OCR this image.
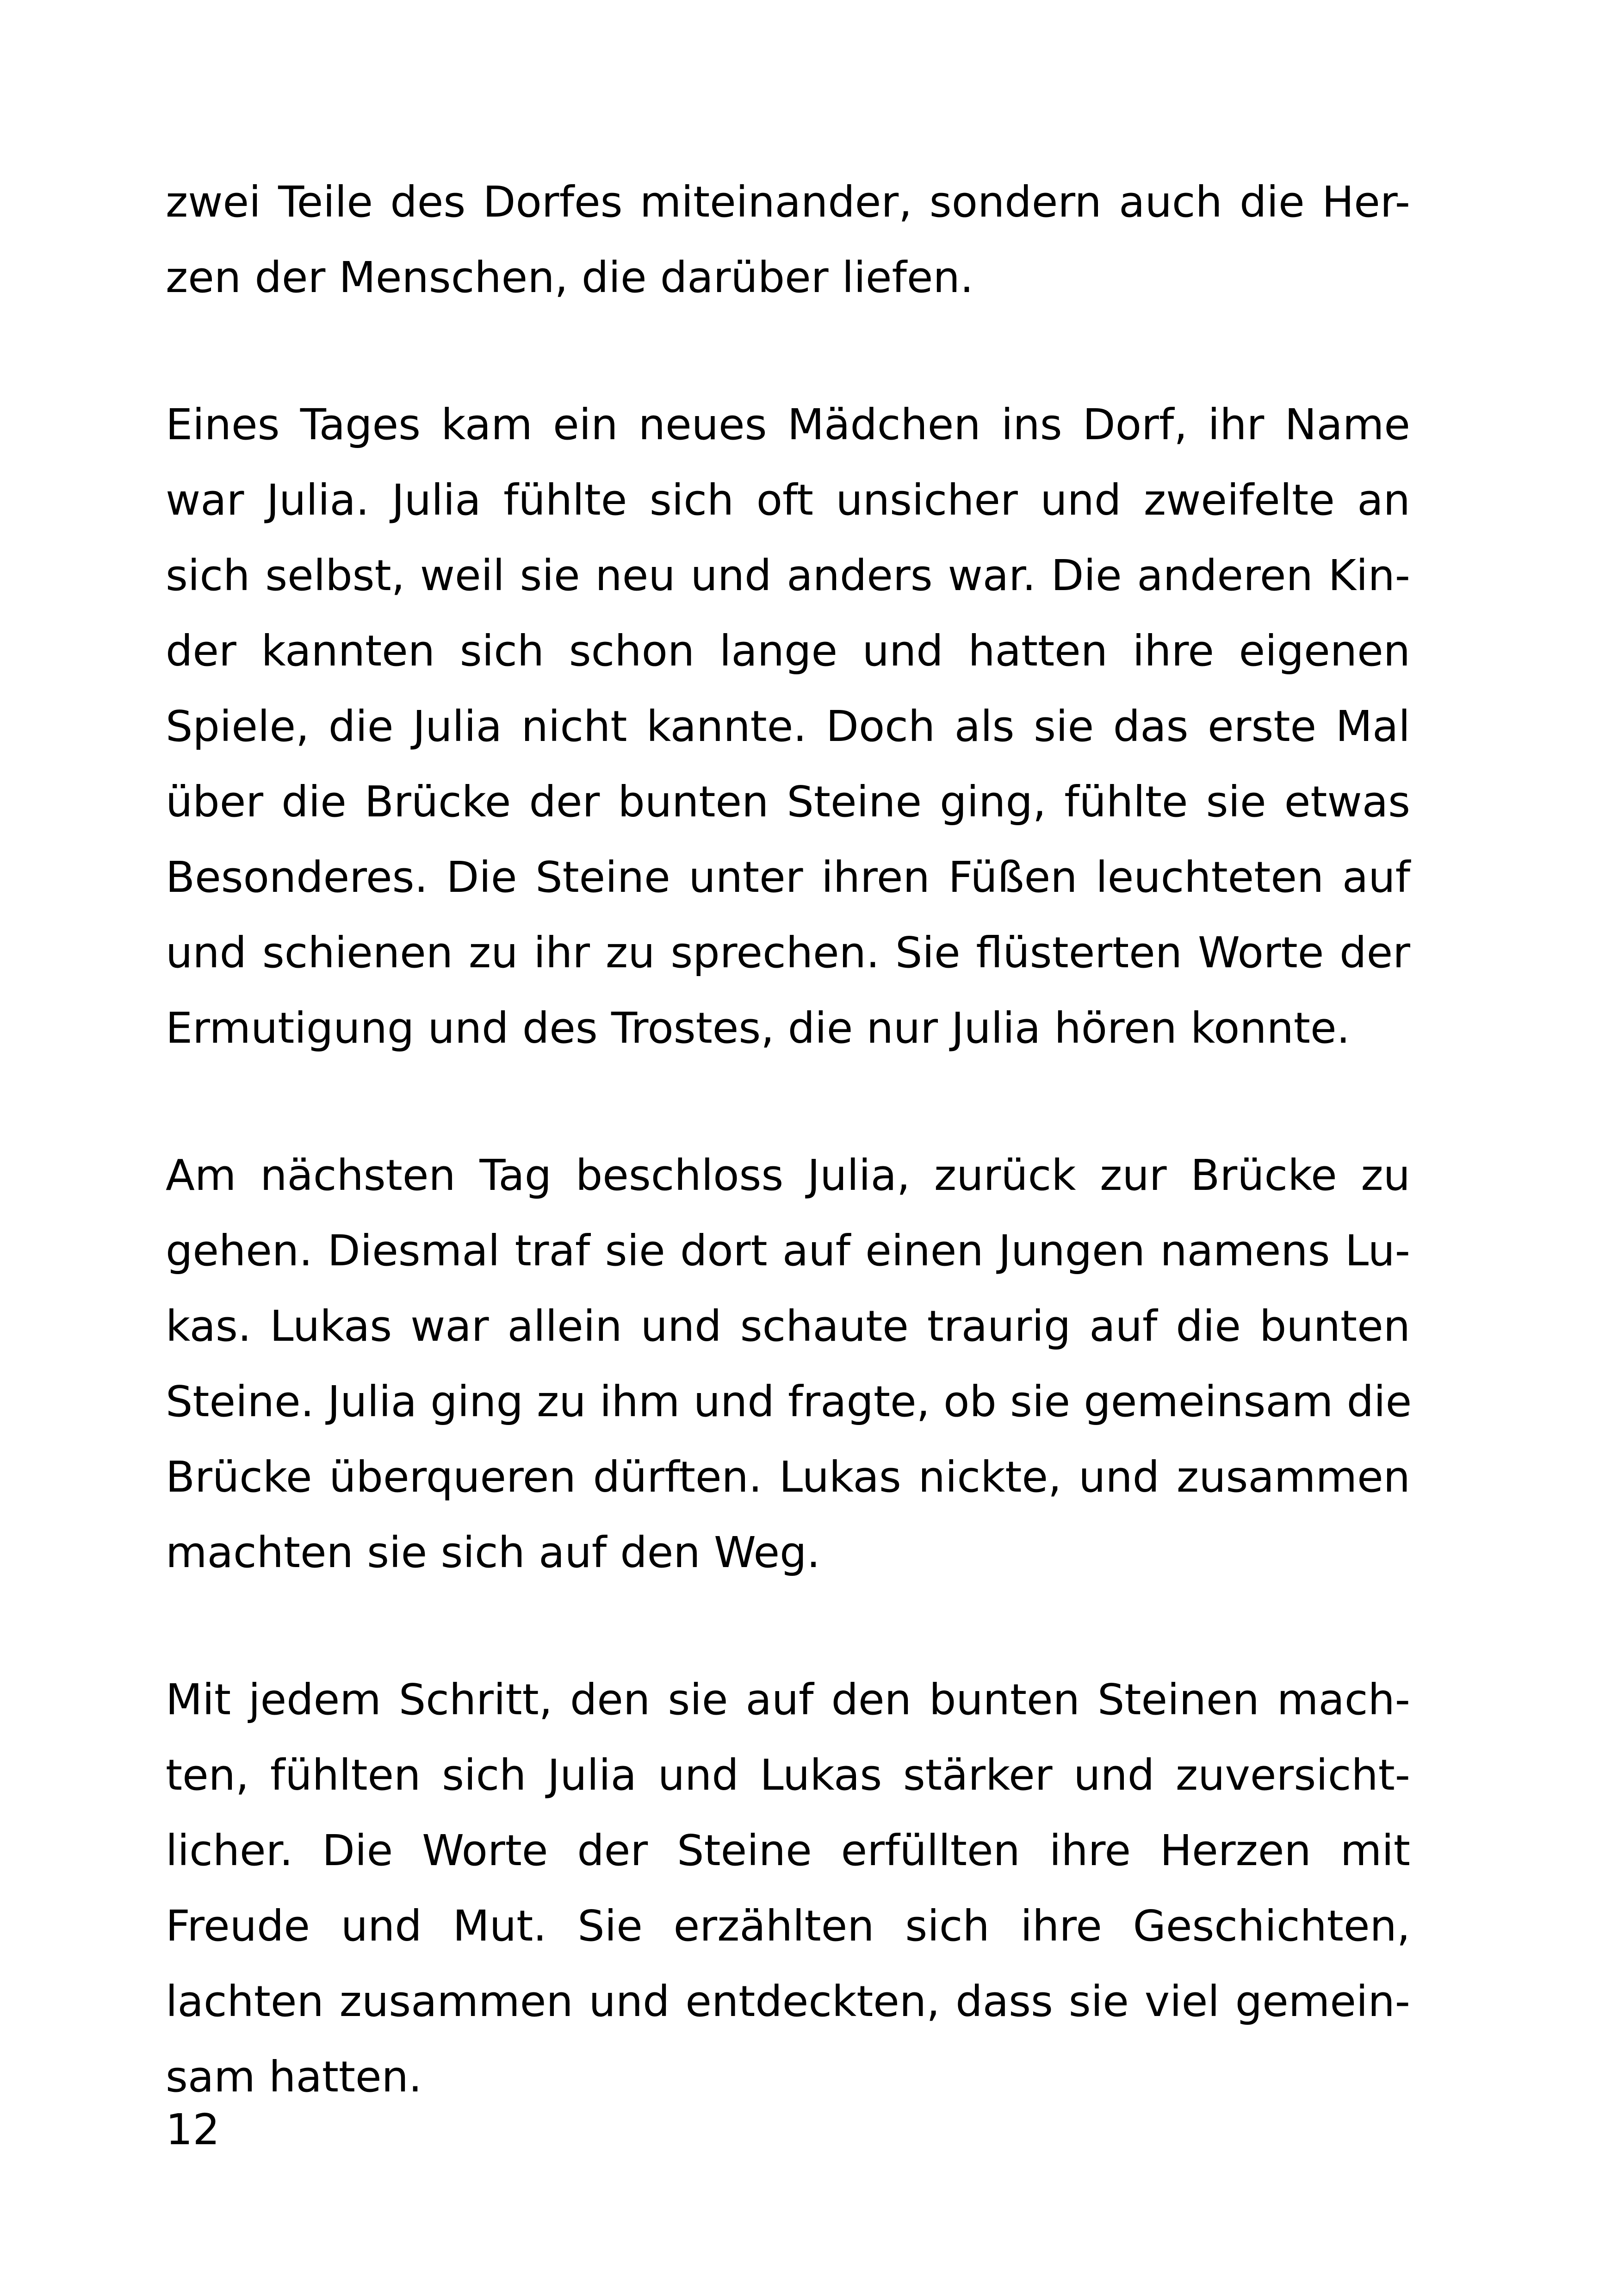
zwei Teile des Dorfes miteinander, sondern auch die Her-
zen der Menschen, die darüber liefen.
Eines Tages kam ein neues Mädchen ins Dorf, ihr Name
war Julia. Julia fühlte sich oft unsicher und zweifelte an
sich selbst, weil sie neu und anders war. Die anderen Kin-
der kannten sich schon lange und hatten ihre eigenen
Spiele, die Julia nicht kannte. Doch als sie das erste Mal
über die Brücke der bunten Steine ging, fühlte sie etwas
Besonderes. Die Steine unter ihren Füßen leuchteten auf
und schienen zu ihr zu sprechen. Sie flüsterten Worte der
Ermutigung und des Trostes, die nur Julia hören konnte.
Am nächsten Tag beschloss Julia, zurück zur Brücke zu
gehen. Diesmal traf sie dort auf einen Jungen namens Lu-
kas. Lukas war allein und schaute traurig auf die bunten
Steine. Julia ging zu ihm und fragte, ob sie gemeinsam die
Brücke überqueren dürften. Lukas nickte, und zusammen
machten sie sich auf den Weg.
Mit jedem Schritt, den sie auf den bunten Steinen mach-
ten, fühlten sich Julia und Lukas stärker und zuversicht-
licher. Die Worte der Steine erfüllten ihre Herzen mit
Freude und Mut. Sie erzählten sich ihre Geschichten,
lachten zusammen und entdeckten, dass sie viel gemein-
sam hatten.
12
